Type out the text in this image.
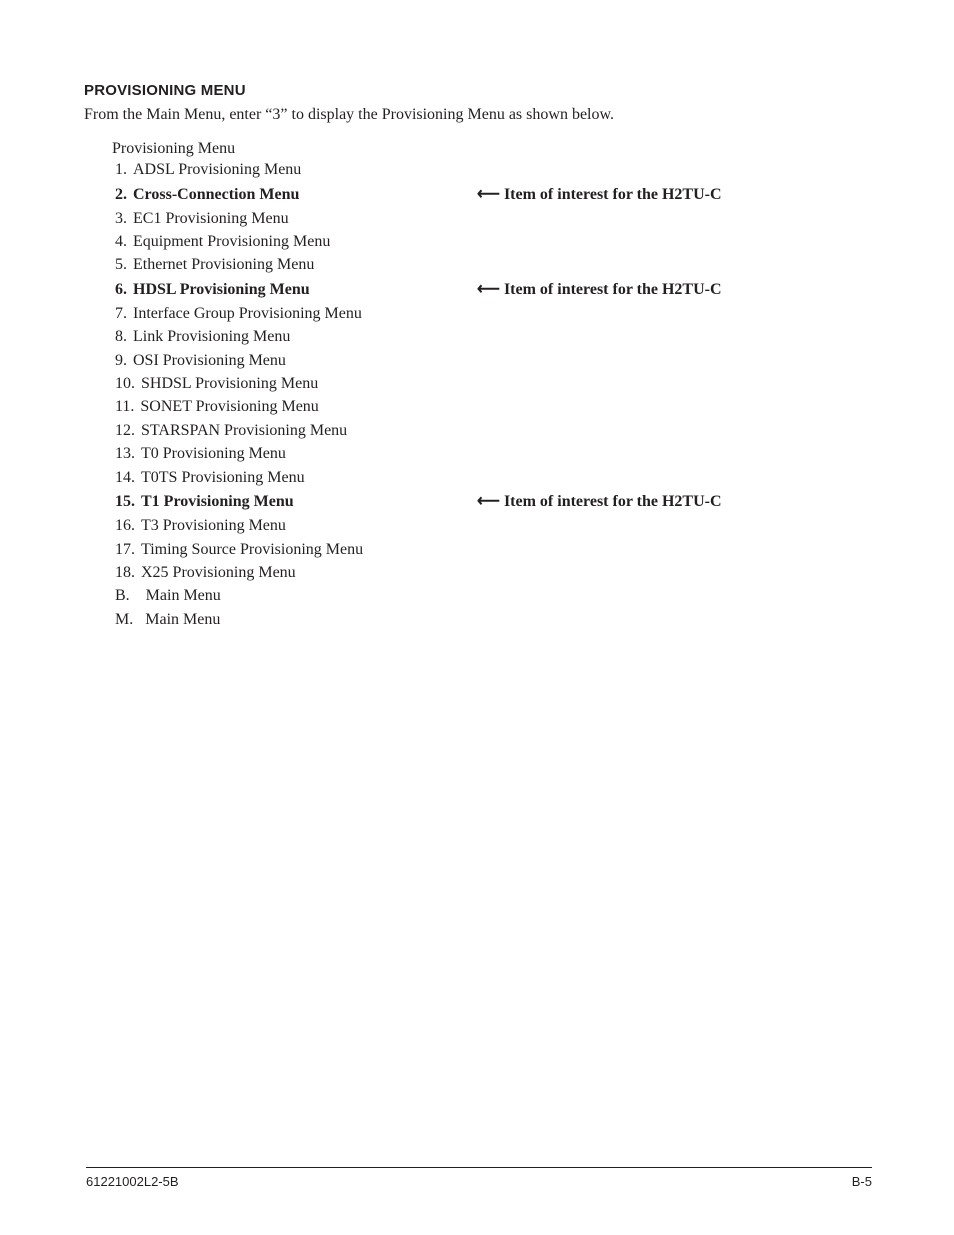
PROVISIONING MENU
From the Main Menu, enter “3” to display the Provisioning Menu as shown below.
Provisioning Menu
1. ADSL Provisioning Menu
2. Cross-Connection Menu	⟵ Item of interest for the H2TU-C
3. EC1 Provisioning Menu
4. Equipment Provisioning Menu
5. Ethernet Provisioning Menu
6. HDSL Provisioning Menu	⟵ Item of interest for the H2TU-C
7. Interface Group Provisioning Menu
8. Link Provisioning Menu
9. OSI Provisioning Menu
10. SHDSL Provisioning Menu
11. SONET Provisioning Menu
12. STARSPAN Provisioning Menu
13. T0 Provisioning Menu
14. T0TS Provisioning Menu
15. T1 Provisioning Menu	⟵ Item of interest for the H2TU-C
16. T3 Provisioning Menu
17. Timing Source Provisioning Menu
18. X25 Provisioning Menu
B. Main Menu
M. Main Menu
61221002L2-5B	B-5
